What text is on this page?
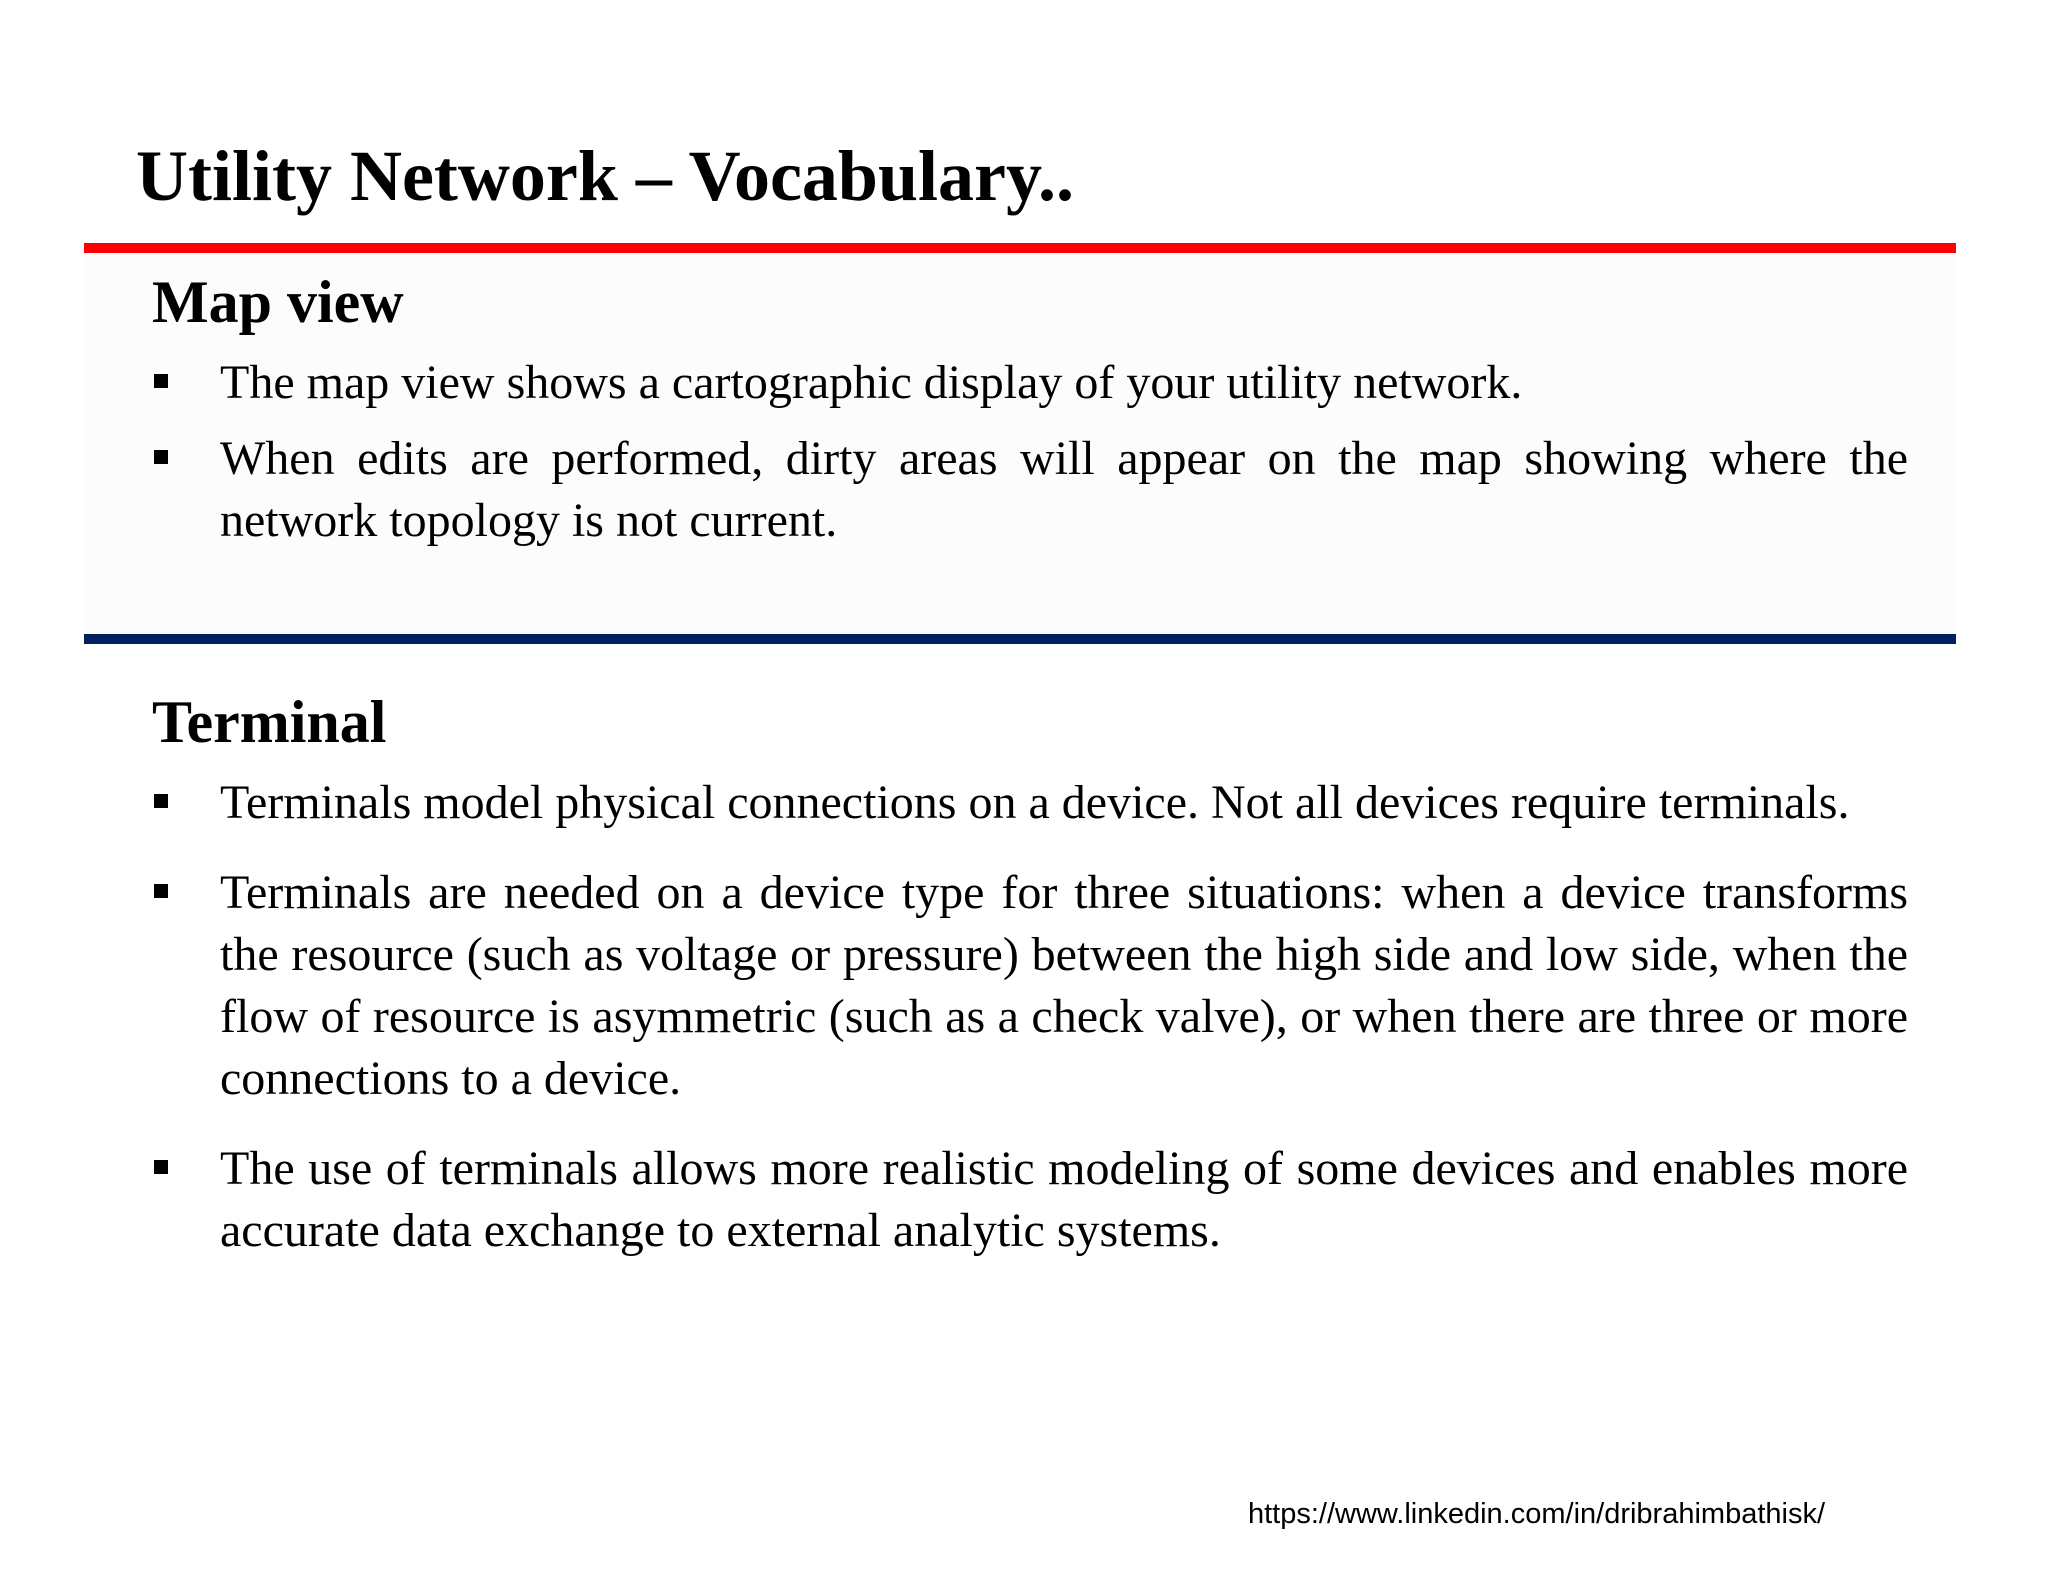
Utility Network – Vocabulary..
Map view
The map view shows a cartographic display of your utility network.
When edits are performed, dirty areas will appear on the map showing where the network topology is not current.
Terminal
Terminals model physical connections on a device. Not all devices require terminals.
Terminals are needed on a device type for three situations: when a device transforms the resource (such as voltage or pressure) between the high side and low side, when the flow of resource is asymmetric (such as a check valve), or when there are three or more connections to a device.
The use of terminals allows more realistic modeling of some devices and enables more accurate data exchange to external analytic systems.
https://www.linkedin.com/in/dribrahimbathisk/
